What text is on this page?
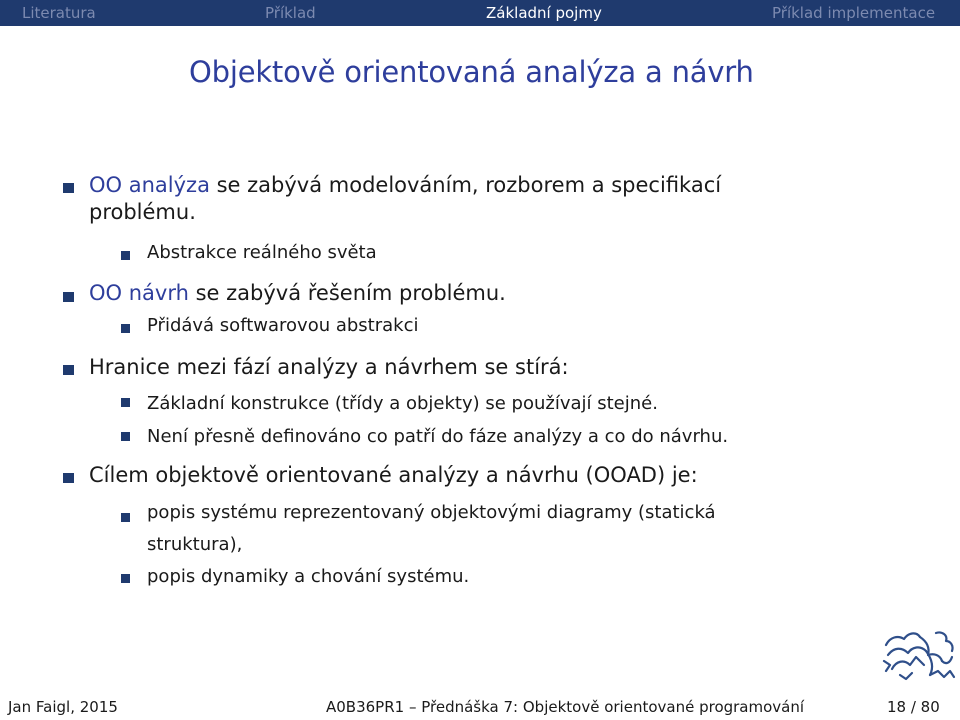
Literatura	Příklad	Základní pojmy	Příklad implementace
Objektově orientovaná analýza a návrh
OO analýza se zabývá modelováním, rozborem a specifikací
problému.
Abstrakce reálného světa
OO návrh se zabývá řešením problému.
Přidává softwarovou abstrakci
Hranice mezi fází analýzy a návrhem se stírá:
Základní konstrukce (třídy a objekty) se používají stejné.
Není přesně definováno co patří do fáze analýzy a co do návrhu.
Cílem objektově orientované analýzy a návrhu (OOAD) je:
popis systému reprezentovaný objektovými diagramy (statická
struktura),
popis dynamiky a chování systému.
Jan Faigl, 2015	A0B36PR1 – Přednáška 7: Objektově orientované programování	18 / 80
